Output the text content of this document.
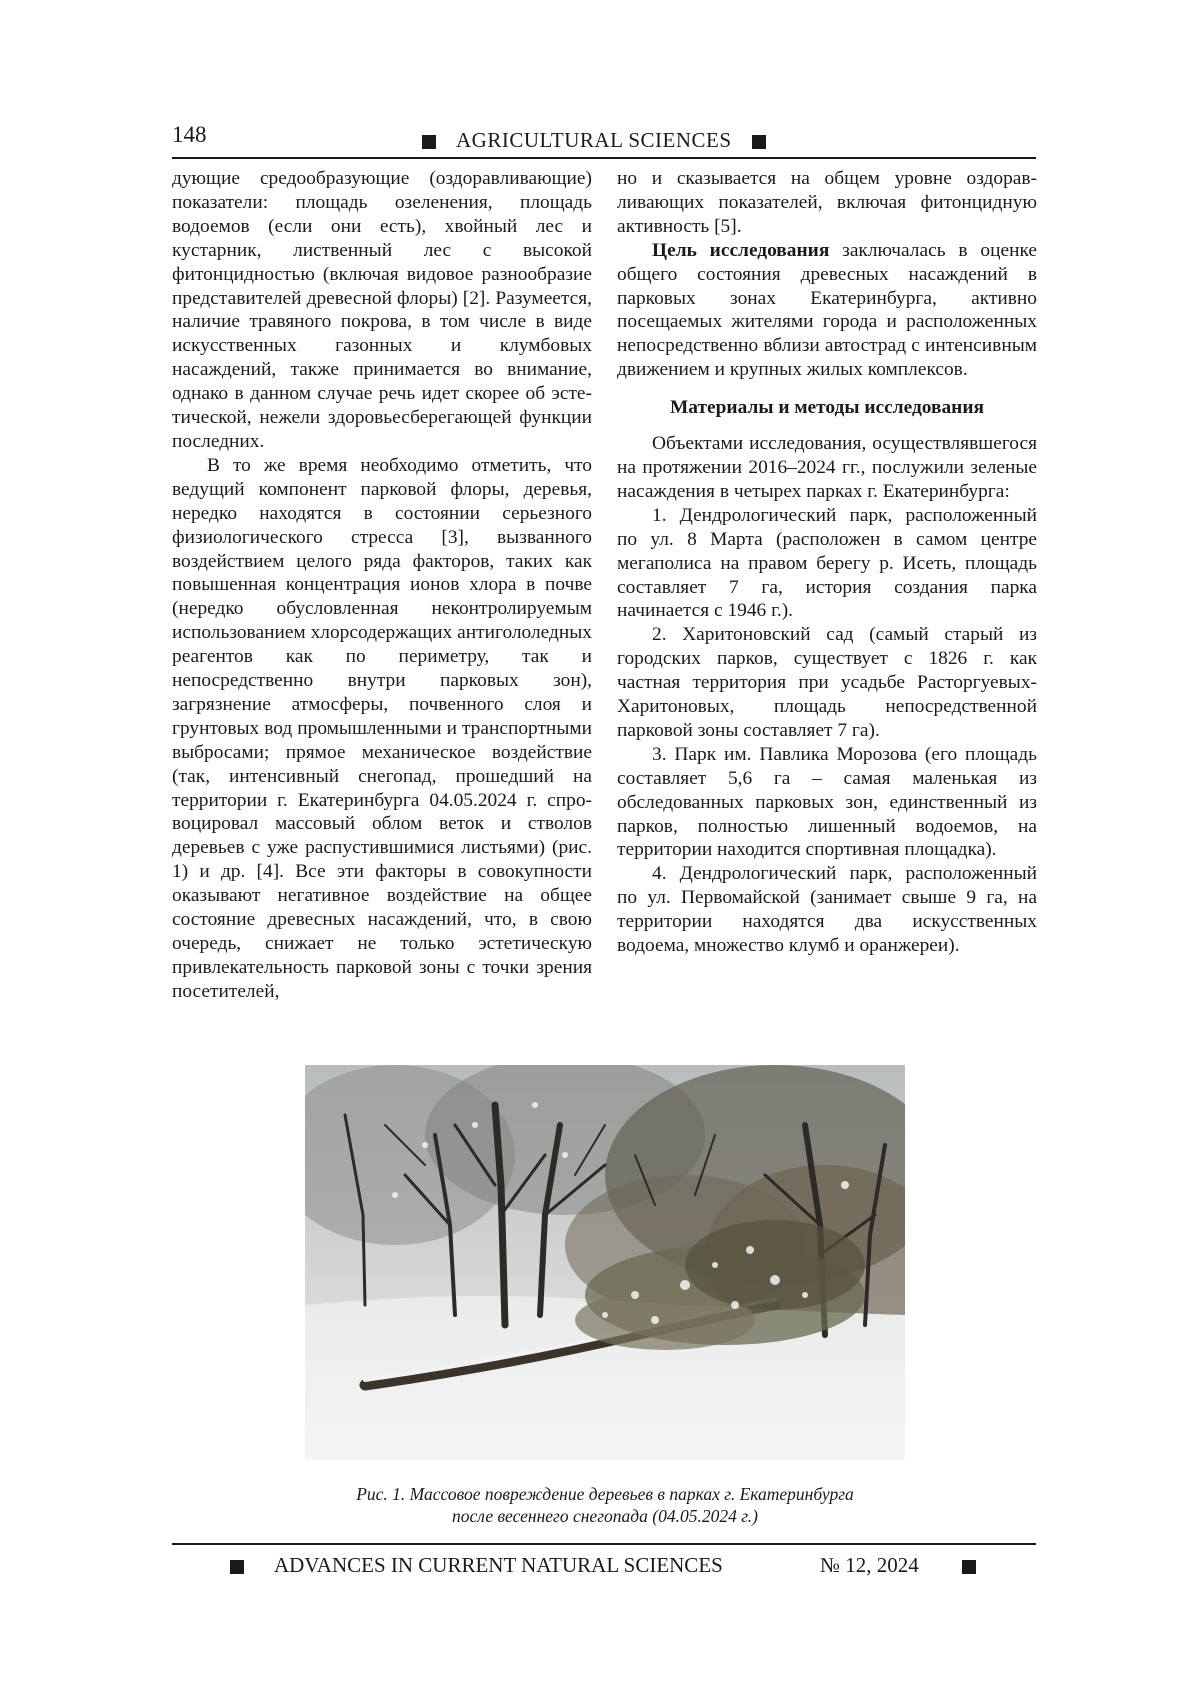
148	AGRICULTURAL SCIENCES

дующие средообразующие (оздоравлива­ющие) показатели: площадь озеленения, площадь водоемов (если они есть), хвой­ный лес и кустарник, лиственный лес с вы­сокой фитонцидностью (включая видовое разнообразие представителей древесной флоры) [2]. Разумеется, наличие травяно­го покрова, в том числе в виде искусствен­ных газонных и клумбовых насаждений, также принимается во внимание, однако в данном случае речь идет скорее об эсте­тической, нежели здоровьесберегающей функции последних.

В то же время необходимо отметить, что ведущий компонент парковой флоры, дере­вья, нередко находятся в состоянии серьез­ного физиологического стресса [3], вызван­ного воздействием целого ряда факторов, таких как повышенная концентрация ионов хлора в почве (нередко обусловленная не­контролируемым использованием хлорсо­держащих антигололедных реагентов как по периметру, так и непосредственно вну­три парковых зон), загрязнение атмосферы, почвенного слоя и грунтовых вод промыш­ленными и транспортными выбросами; прямое механическое воздействие (так, ин­тенсивный снегопад, прошедший на терри­тории г. Екатеринбурга 04.05.2024 г. спро­воцировал массовый облом веток и стволов деревьев с уже распустившимися листьями) (рис. 1) и др. [4]. Все эти факторы в сово­купности оказывают негативное воздей­ствие на общее состояние древесных на­саждений, что, в свою очередь, снижает не только эстетическую привлекательность парковой зоны с точки зрения посетителей,

но и сказывается на общем уровне оздорав­ливающих показателей, включая фитонцид­ную активность [5].

Цель исследования заключалась в оценке общего состояния древесных насаж­дений в парковых зонах Екатеринбурга, ак­тивно посещаемых жителями города и рас­положенных непосредственно вблизи авто­страд с интенсивным движением и крупных жилых комплексов.

Материалы и методы исследования

Объектами исследования, осуществляв­шегося на протяжении 2016–2024 гг., послу­жили зеленые насаждения в четырех парках г. Екатеринбурга:

1. Дендрологический парк, располо­женный по ул. 8 Марта (расположен в са­мом центре мегаполиса на правом берегу р. Исеть, площадь составляет 7 га, история создания парка начинается с 1946 г.).

2. Харитоновский сад (самый старый из городских парков, существует с 1826 г. как частная территория при усадьбе Расторгуевых-Харитоновых, площадь непосред­ственной парковой зоны составляет 7 га).

3. Парк им. Павлика Морозова (его пло­щадь составляет 5,6 га – самая маленькая из обследованных парковых зон, единствен­ный из парков, полностью лишенный водо­емов, на территории находится спортив­ная площадка).

4. Дендрологический парк, расположен­ный по ул. Первомайской (занимает свы­ше 9 га, на территории находятся два ис­кусственных водоема, множество клумб и оранжереи).

Рис. 1. Массовое повреждение деревьев в парках г. Екатеринбурга
после весеннего снегопада (04.05.2024 г.)
ADVANCES IN CURRENT NATURAL SCIENCES	№ 12, 2024
